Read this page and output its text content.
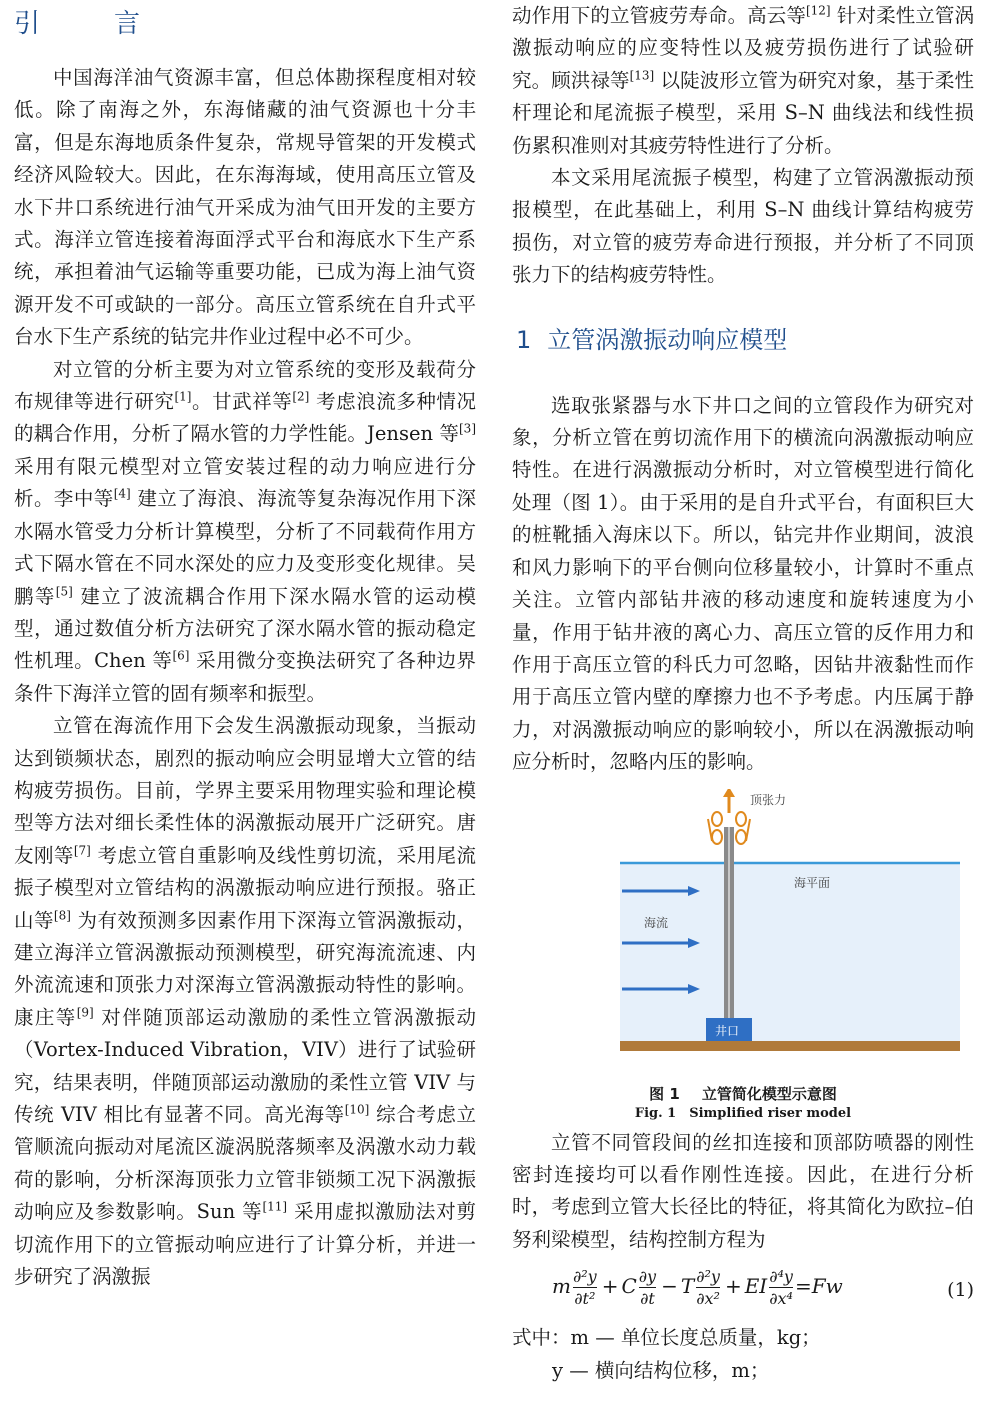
引　言

中国海洋油气资源丰富，但总体勘探程度相对较低。除了南海之外，东海储藏的油气资源也十分丰富，但是东海地质条件复杂，常规导管架的开发模式经济风险较大。因此，在东海海域，使用高压立管及水下井口系统进行油气开采成为油气田开发的主要方式。海洋立管连接着海面浮式平台和海底水下生产系统，承担着油气运输等重要功能，已成为海上油气资源开发不可或缺的一部分。高压立管系统在自升式平台水下生产系统的钻完井作业过程中必不可少。

对立管的分析主要为对立管系统的变形及载荷分布规律等进行研究[1]。甘武祥等[2] 考虑浪流多种情况的耦合作用，分析了隔水管的力学性能。Jensen 等[3] 采用有限元模型对立管安装过程的动力响应进行分析。李中等[4] 建立了海浪、海流等复杂海况作用下深水隔水管受力分析计算模型，分析了不同载荷作用方式下隔水管在不同水深处的应力及变形变化规律。吴鹏等[5] 建立了波流耦合作用下深水隔水管的运动模型，通过数值分析方法研究了深水隔水管的振动稳定性机理。Chen 等[6] 采用微分变换法研究了各种边界条件下海洋立管的固有频率和振型。

立管在海流作用下会发生涡激振动现象，当振动达到锁频状态，剧烈的振动响应会明显增大立管的结构疲劳损伤。目前，学界主要采用物理实验和理论模型等方法对细长柔性体的涡激振动展开广泛研究。唐友刚等[7] 考虑立管自重影响及线性剪切流，采用尾流振子模型对立管结构的涡激振动响应进行预报。骆正山等[8] 为有效预测多因素作用下深海立管涡激振动，建立海洋立管涡激振动预测模型，研究海流流速、内外流流速和顶张力对深海立管涡激振动特性的影响。康庄等[9] 对伴随顶部运动激励的柔性立管涡激振动（Vortex-Induced Vibration，VIV）进行了试验研究，结果表明，伴随顶部运动激励的柔性立管 VIV 与传统 VIV 相比有显著不同。高光海等[10] 综合考虑立管顺流向振动对尾流区漩涡脱落频率及涡激水动力载荷的影响，分析深海顶张力立管非锁频工况下涡激振动响应及参数影响。Sun 等[11] 采用虚拟激励法对剪切流作用下的立管振动响应进行了计算分析，并进一步研究了涡激振

动作用下的立管疲劳寿命。高云等[12] 针对柔性立管涡激振动响应的应变特性以及疲劳损伤进行了试验研究。顾洪禄等[13] 以陡波形立管为研究对象，基于柔性杆理论和尾流振子模型，采用 S–N 曲线法和线性损伤累积准则对其疲劳特性进行了分析。

本文采用尾流振子模型，构建了立管涡激振动预报模型，在此基础上，利用 S–N 曲线计算结构疲劳损伤，对立管的疲劳寿命进行预报，并分析了不同顶张力下的结构疲劳特性。

1 立管涡激振动响应模型

选取张紧器与水下井口之间的立管段作为研究对象，分析立管在剪切流作用下的横流向涡激振动响应特性。在进行涡激振动分析时，对立管模型进行简化处理（图 1）。由于采用的是自升式平台，有面积巨大的桩靴插入海床以下。所以，钻完井作业期间，波浪和风力影响下的平台侧向位移量较小，计算时不重点关注。立管内部钻井液的移动速度和旋转速度为小量，作用于钻井液的离心力、高压立管的反作用力和作用于高压立管的科氏力可忽略，因钻井液黏性而作用于高压立管内壁的摩擦力也不予考虑。内压属于静力，对涡激振动响应的影响较小，所以在涡激振动响应分析时，忽略内压的影响。

顶张力
海平面
海流
井口
图 1 立管简化模型示意图
Fig. 1　Simplified riser model

立管不同管段间的丝扣连接和顶部防喷器的刚性密封连接均可以看作刚性连接。因此，在进行分析时，考虑到立管大长径比的特征，将其简化为欧拉–伯努利梁模型，结构控制方程为

m $\frac{\text{∂²y}}{\text{∂t²}} + C \frac{\partial y}{\partial t} - T \frac{\text{∂²y}}{\text{∂x²}}$ + EI $\frac{\text{∂⁴y}}{\text{∂x⁴}} =Fw$	(1)

式中：m — 单位长度总质量，kg；

y — 横向结构位移，m；
